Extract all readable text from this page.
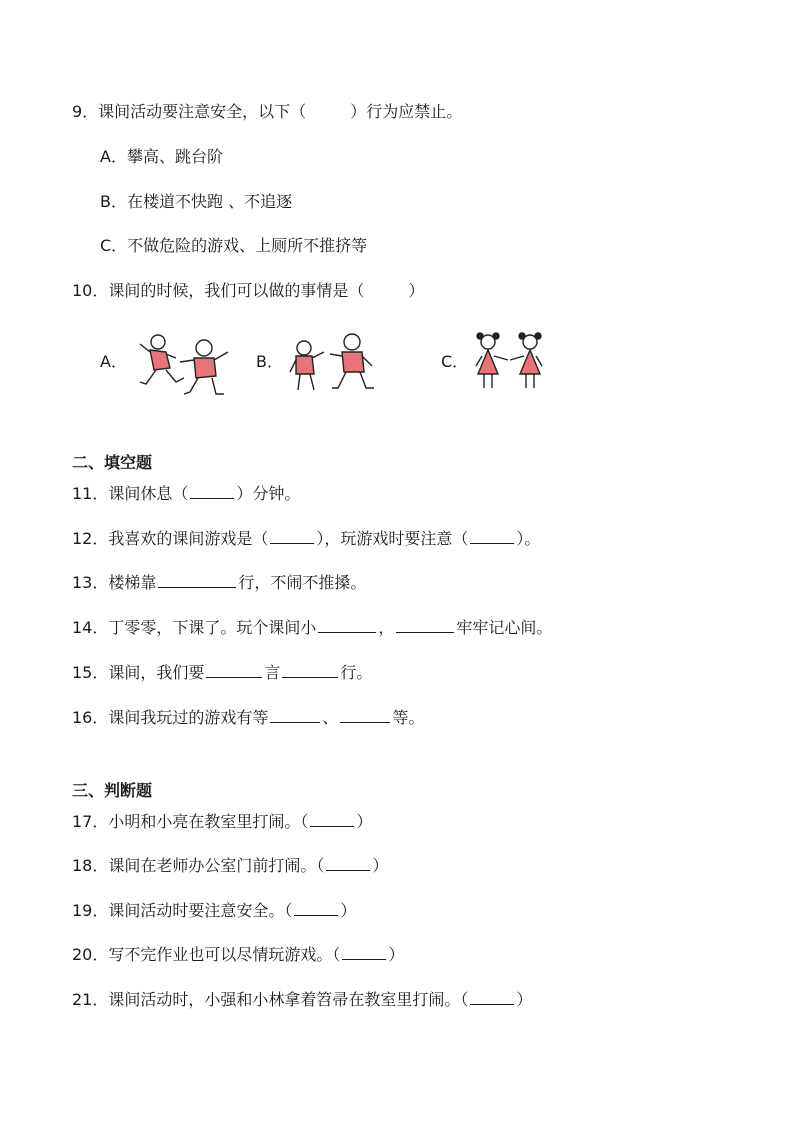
9．课间活动要注意安全，以下（	）行为应禁止。
A．攀高、跳台阶
B．在楼道不快跑 、不追逐
C．不做危险的游戏、上厕所不推挤等
10．课间的时候，我们可以做的事情是（	）
A．	B．	C．
二、填空题
11．课间休息（	）分钟。
12．我喜欢的课间游戏是（	），玩游戏时要注意（	）。
13．楼梯靠	行，不闹不推搡。
14．丁零零，下课了。玩个课间小	，	牢牢记心间。
15．课间，我们要	言	行。
16．课间我玩过的游戏有等	、	等。
三、判断题
17．小明和小亮在教室里打闹。（	）
18．课间在老师办公室门前打闹。（	）
19．课间活动时要注意安全。（	）
20．写不完作业也可以尽情玩游戏。（	）
21．课间活动时，小强和小林拿着笤帚在教室里打闹。（	）
